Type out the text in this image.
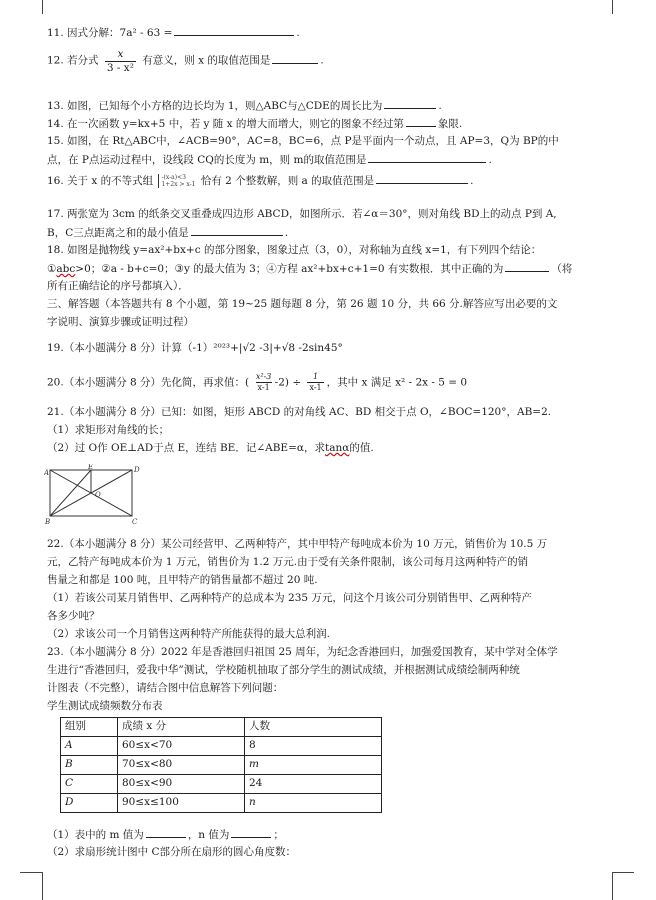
11. 因式分解：7a² - 63 =	.
12. 若分式 $\frac{x}{\text{3 - x²}}$ 有意义，则 x 的取值范围是	.
13. 如图，已知每个小方格的边长均为 1，则△ABC与△CDE的周长比为	.
14. 在一次函数 y=kx+5 中，若 y 随 x 的增大而增大，则它的图象不经过第	象限.
15. 如图，在 Rt△ABC中，∠ACB=90°，AC=8，BC=6，点 P是平面内一个动点，且 AP=3，Q为 BP的中
点，在 P点运动过程中，设线段 CQ的长度为 m，则 m的取值范围是	.
16. 关于 x 的不等式组 -(x-a)<3
1+2x > x-1 恰有 2 个整数解，则 a 的取值范围是	.
17. 两张宽为 3cm 的纸条交叉重叠成四边形 ABCD，如图所示．若∠α＝30°，则对角线 BD上的动点 P到 A,
B，C三点距离之和的最小值是	.
18. 如图是抛物线 y=ax²+bx+c 的部分图象，图象过点（3，0），对称轴为直线 x=1，有下列四个结论：
①abc>0；②a - b+c=0；③y 的最大值为 3；④方程 ax²+bx+c+1=0 有实数根．其中正确的为	（将
所有正确结论的序号都填入）．
三、解答题（本答题共有 8 个小题，第 19~25 题每题 8 分，第 26 题 10 分，共 66 分.解答应写出必要的文
字说明、演算步骤或证明过程）
19.（本小题满分 8 分）计算（-1）²⁰²³+|√2 -3|+√8 -2sin45°
20.（本小题满分 8 分）先化简，再求值：( $\frac{\text{x²-3}}{x-1} -2) \div \frac{1}{x-1}$ ，其中 x 满足 x² - 2x - 5 = 0
21.（本小题满分 8 分）已知：如图，矩形 ABCD 的对角线 AC、BD 相交于点 O，∠BOC=120°，AB=2.
（1）求矩形对角线的长；
（2）过 O作 OE⊥AD于点 E，连结 BE．记∠ABE=α，求tanα的值.
A
E	D
B	C
O
22.（本小题满分 8 分）某公司经营甲、乙两种特产，其中甲特产每吨成本价为 10 万元，销售价为 10.5 万
元，乙特产每吨成本价为 1 万元，销售价为 1.2 万元.由于受有关条件限制，该公司每月这两种特产的销
售量之和都是 100 吨，且甲特产的销售量都不超过 20 吨.
（1）若该公司某月销售甲、乙两种特产的总成本为 235 万元，问这个月该公司分别销售甲、乙两种特产
各多少吨？
（2）求该公司一个月销售这两种特产所能获得的最大总利润.
23.（本小题满分 8 分）2022 年是香港回归祖国 25 周年，为纪念香港回归，加强爱国教育，某中学对全体学
生进行“香港回归，爱我中华”测试，学校随机抽取了部分学生的测试成绩，并根据测试成绩绘制两种统
计图表（不完整），请结合图中信息解答下列问题：
学生测试成绩频数分布表
组别	成绩 x 分	人数
A	60≤x<70	8
B	70≤x<80	m
C	80≤x<90	24
D	90≤x≤100	n
（1）表中的 m 值为	，n 值为	；
（2）求扇形统计图中 C部分所在扇形的圆心角度数：
